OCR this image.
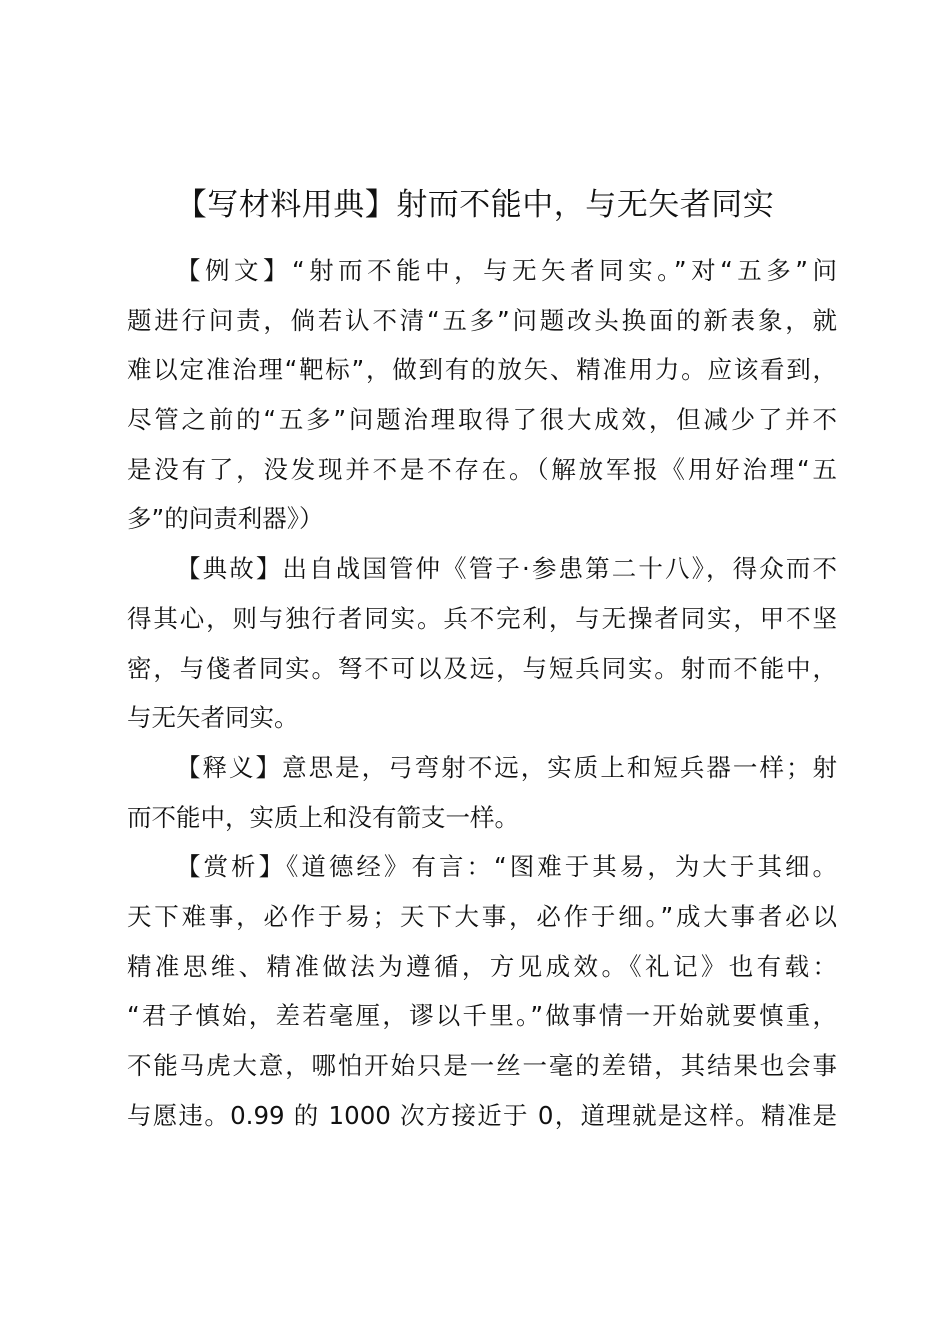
【写材料用典】射而不能中，与无矢者同实
【例文】“射而不能中，与无矢者同实。”对“五多”问
题进行问责，倘若认不清“五多”问题改头换面的新表象，就
难以定准治理“靶标”，做到有的放矢、精准用力。应该看到，
尽管之前的“五多”问题治理取得了很大成效，但减少了并不
是没有了，没发现并不是不存在。（解放军报《用好治理“五
多”的问责利器》）
【典故】出自战国管仲《管子·参患第二十八》，得众而不
得其心，则与独行者同实。兵不完利，与无操者同实，甲不坚
密，与俴者同实。弩不可以及远，与短兵同实。射而不能中，
与无矢者同实。
【释义】意思是，弓弯射不远，实质上和短兵器一样；射
而不能中，实质上和没有箭支一样。
【赏析】《道德经》有言：“图难于其易，为大于其细。
天下难事，必作于易；天下大事，必作于细。”成大事者必以
精准思维、精准做法为遵循，方见成效。《礼记》也有载：
“君子慎始，差若毫厘，谬以千里。”做事情一开始就要慎重，
不能马虎大意，哪怕开始只是一丝一毫的差错，其结果也会事
与愿违。0.99 的 1000 次方接近于 0，道理就是这样。精准是
